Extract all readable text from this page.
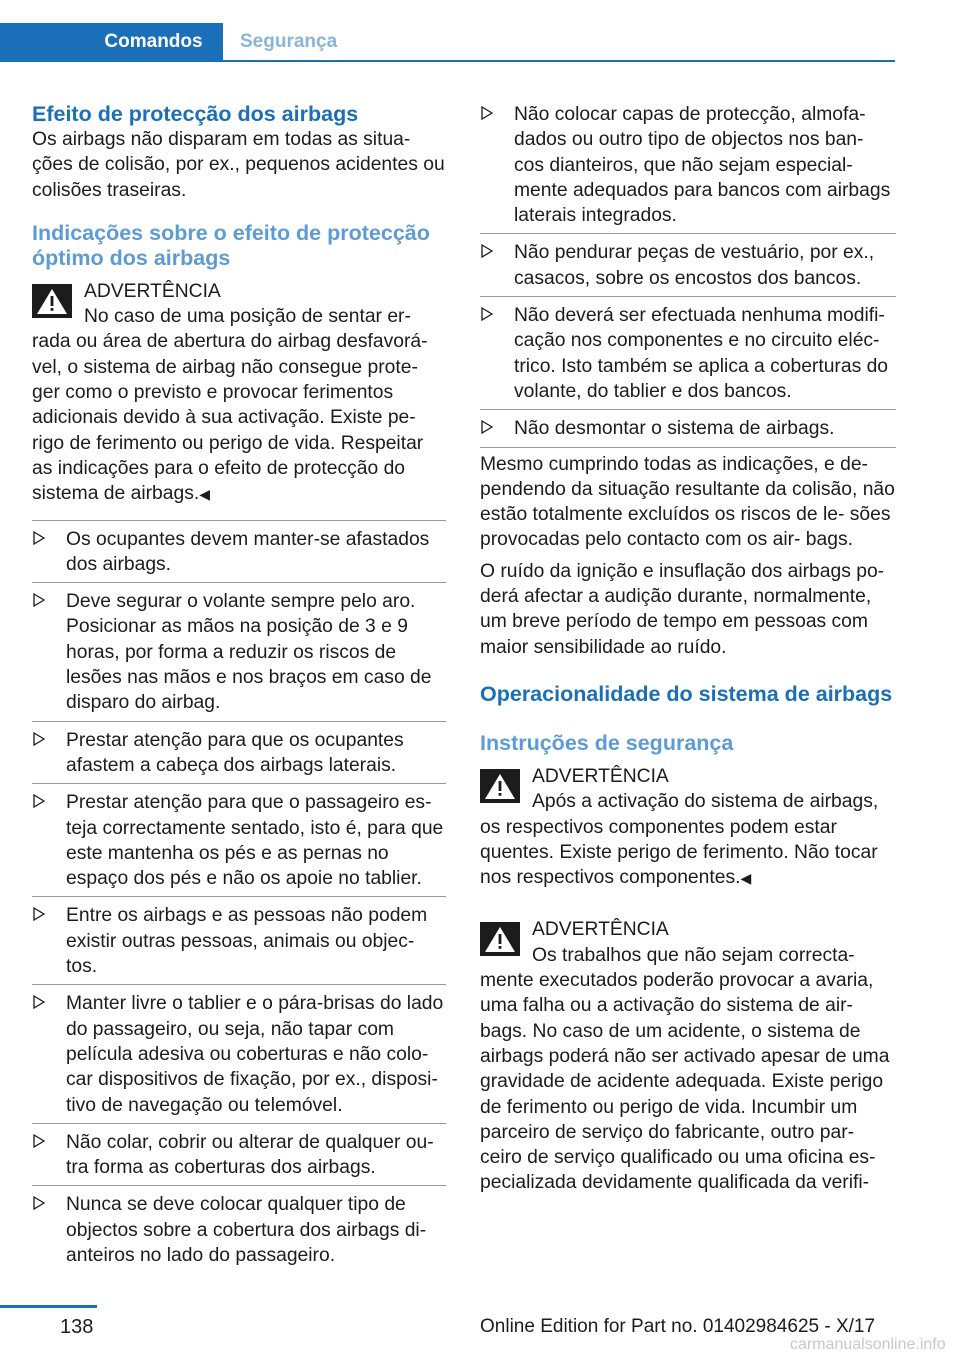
Comandos Segurança
Efeito de protecção dos airbags

Os airbags não disparam em todas as situa‐ ções de colisão, por ex., pequenos acidentes ou colisões traseiras.

Indicações sobre o efeito de protecção óptimo dos airbags
ADVERTÊNCIA
No caso de uma posição de sentar er‐
rada ou área de abertura do airbag desfavorá‐ vel, o sistema de airbag não consegue prote‐ ger como o previsto e provocar ferimentos adicionais devido à sua activação. Existe pe‐ rigo de ferimento ou perigo de vida. Respeitar as indicações para o efeito de protecção do sistema de airbags.◀
Os ocupantes devem manter-se afastados dos airbags.
Deve segurar o volante sempre pelo aro. Posicionar as mãos na posição de 3 e 9 horas, por forma a reduzir os riscos de lesões nas mãos e nos braços em caso de disparo do airbag.
Prestar atenção para que os ocupantes afastem a cabeça dos airbags laterais.
Prestar atenção para que o passageiro es‐ teja correctamente sentado, isto é, para que este mantenha os pés e as pernas no espaço dos pés e não os apoie no tablier.
Entre os airbags e as pessoas não podem existir outras pessoas, animais ou objec‐ tos.
Manter livre o tablier e o pára-brisas do lado do passageiro, ou seja, não tapar com película adesiva ou coberturas e não colo‐ car dispositivos de fixação, por ex., disposi‐ tivo de navegação ou telemóvel.
Não colar, cobrir ou alterar de qualquer ou‐ tra forma as coberturas dos airbags.
Nunca se deve colocar qualquer tipo de objectos sobre a cobertura dos airbags di‐ anteiros no lado do passageiro.
Não colocar capas de protecção, almofa‐ dados ou outro tipo de objectos nos ban‐ cos dianteiros, que não sejam especial‐ mente adequados para bancos com airbags laterais integrados.
Não pendurar peças de vestuário, por ex., casacos, sobre os encostos dos bancos.
Não deverá ser efectuada nenhuma modifi‐ cação nos componentes e no circuito eléc‐ trico. Isto também se aplica a coberturas do volante, do tablier e dos bancos.
Não desmontar o sistema de airbags.

Mesmo cumprindo todas as indicações, e de‐ pendendo da situação resultante da colisão, não estão totalmente excluídos os riscos de le‐ sões provocadas pelo contacto com os air‐ bags.

O ruído da ignição e insuflação dos airbags po‐ derá afectar a audição durante, normalmente, um breve período de tempo em pessoas com maior sensibilidade ao ruído.

Operacionalidade do sistema de airbags
Instruções de segurança
ADVERTÊNCIA
Após a activação do sistema de airbags,
os respectivos componentes podem estar quentes. Existe perigo de ferimento. Não tocar nos respectivos componentes.◀
ADVERTÊNCIA
Os trabalhos que não sejam correcta‐
mente executados poderão provocar a avaria, uma falha ou a activação do sistema de air‐ bags. No caso de um acidente, o sistema de airbags poderá não ser activado apesar de uma gravidade de acidente adequada. Existe perigo de ferimento ou perigo de vida. Incumbir um parceiro de serviço do fabricante, outro par‐ ceiro de serviço qualificado ou uma oficina es‐ pecializada devidamente qualificada da verifi‐
138	Online Edition for Part no. 01402984625 - X/17
carmanualsonline.info
